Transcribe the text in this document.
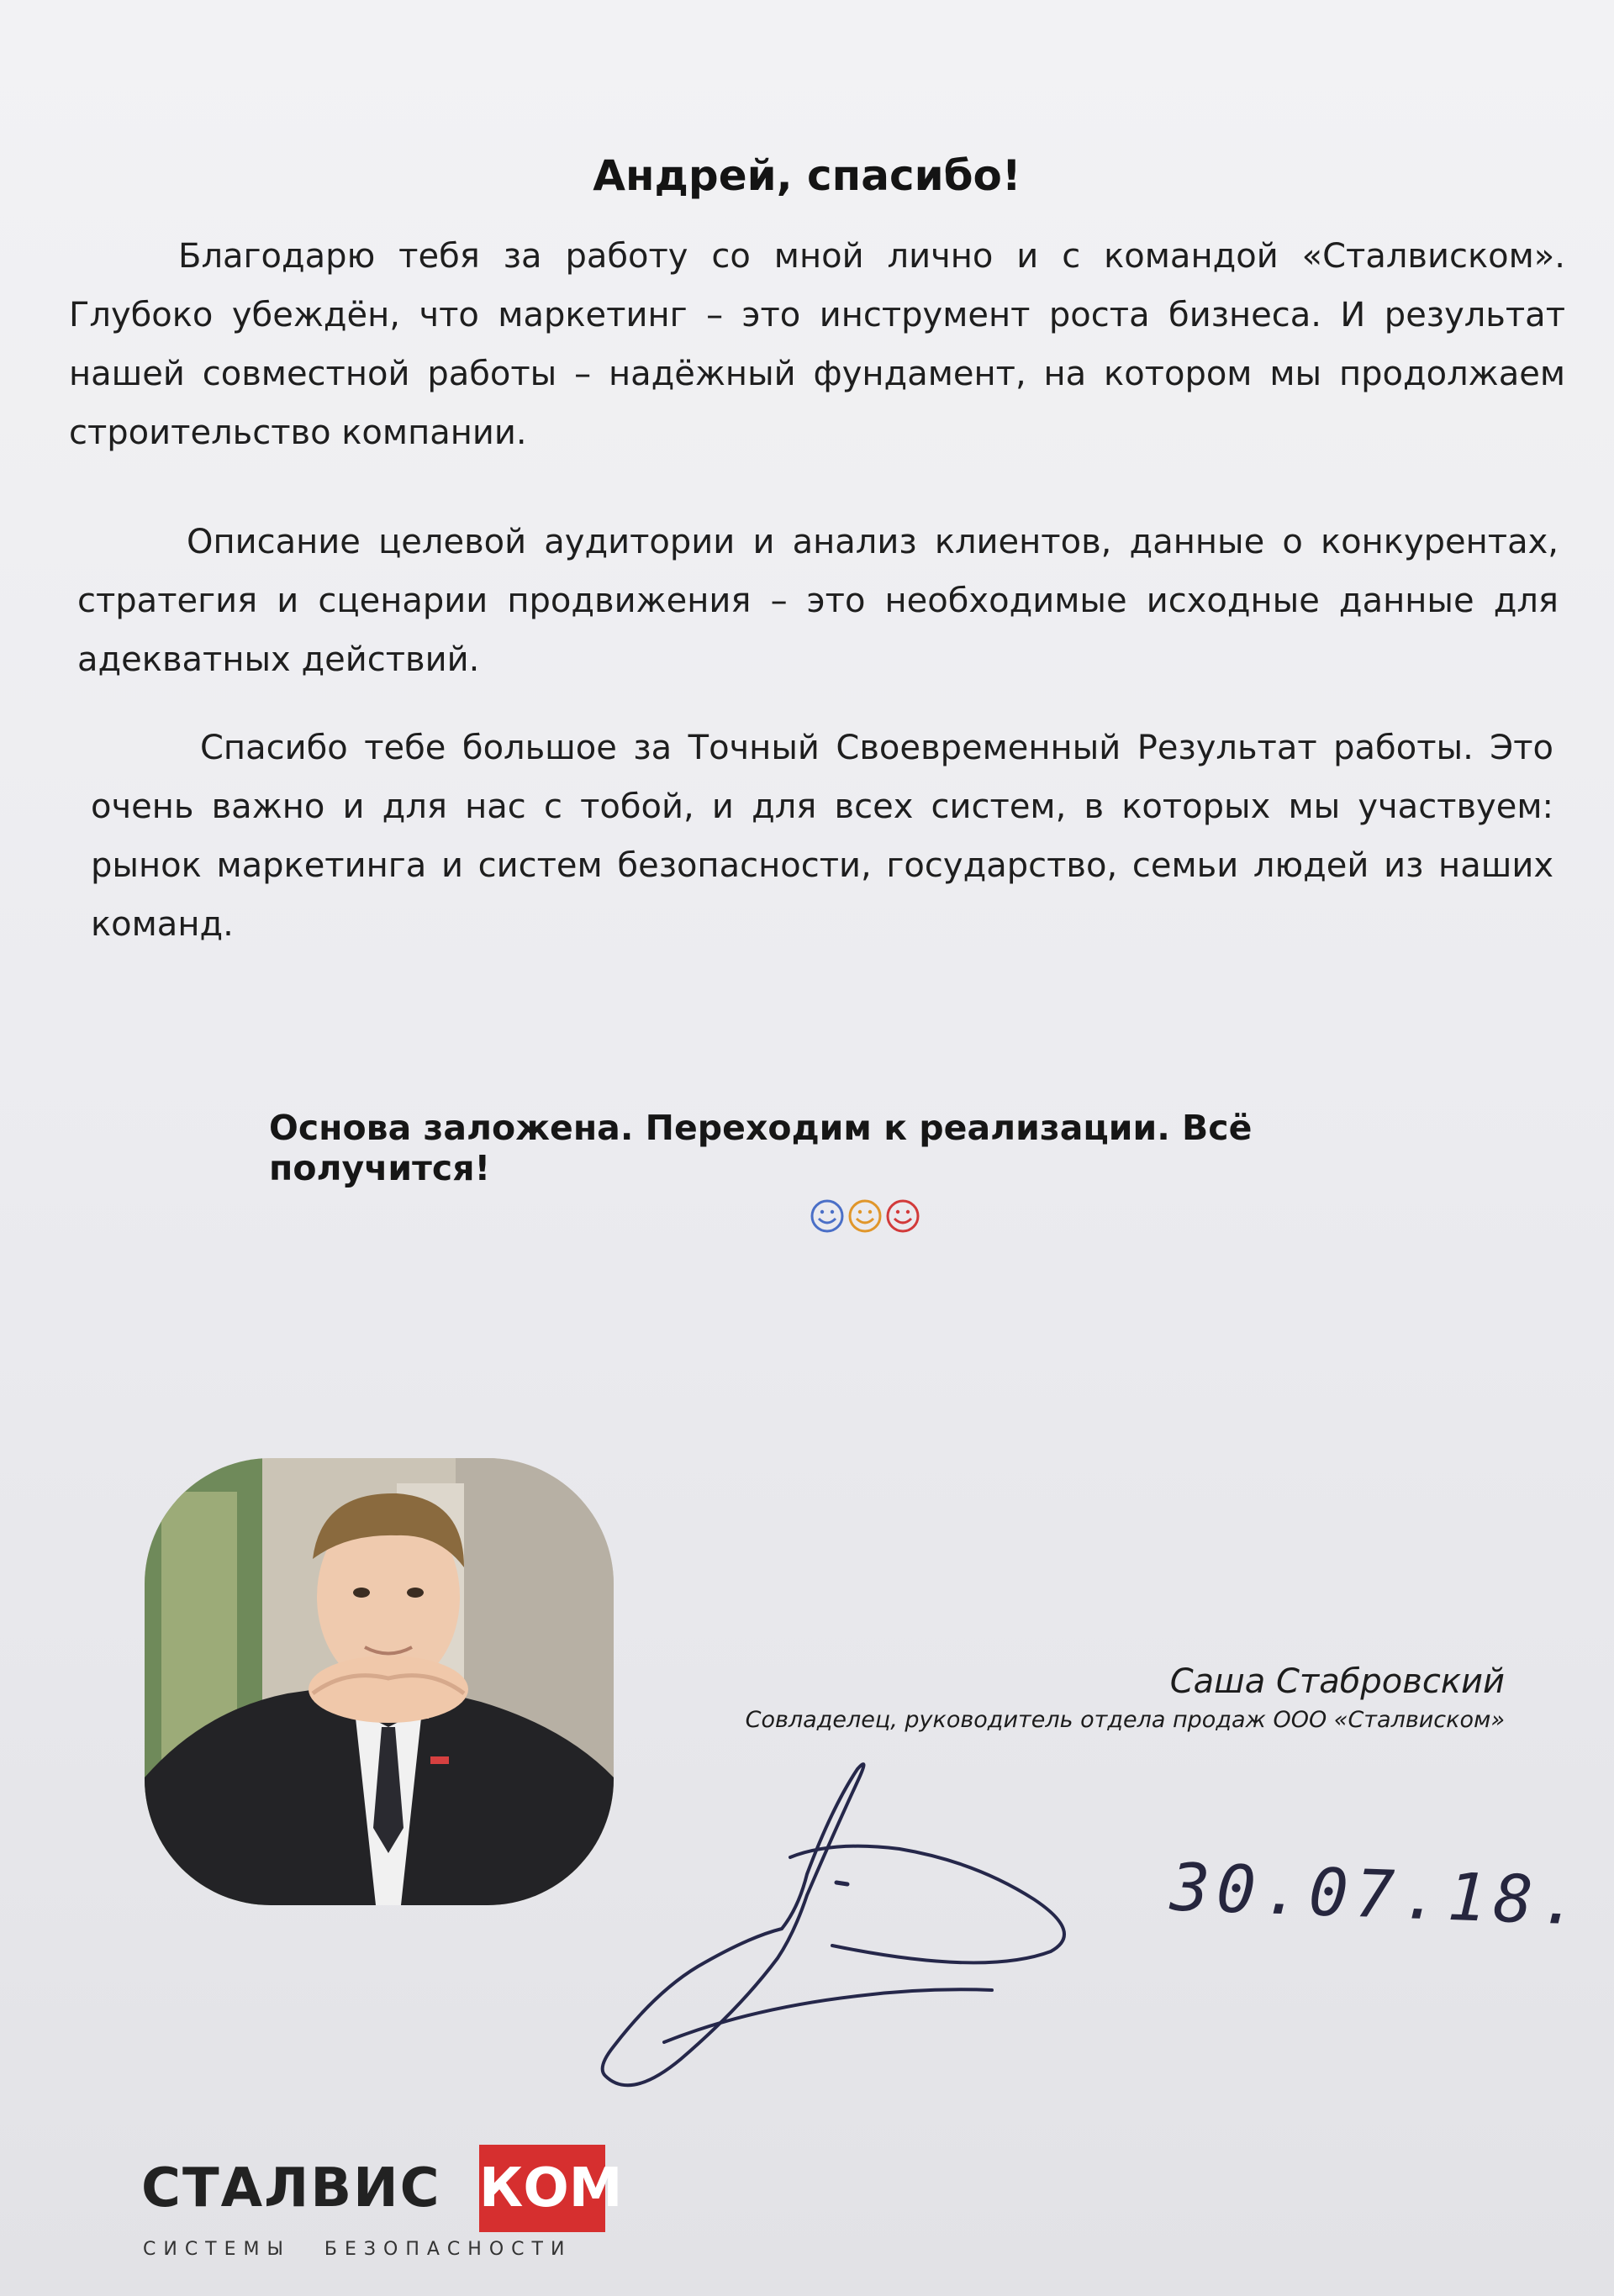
Андрей, спасибо!
Благодарю тебя за работу со мной лично и с командой «Сталвиском». Глубоко убеждён, что маркетинг – это инструмент роста бизнеса. И результат нашей совместной работы – надёжный фундамент, на котором мы продолжаем строительство компании.
Описание целевой аудитории и анализ клиентов, данные о конкурентах, стратегия и сценарии продвижения – это необходимые исходные данные для адекватных действий.
Спасибо тебе большое за Точный Своевременный Результат работы. Это очень важно и для нас с тобой, и для всех систем, в которых мы участвуем: рынок маркетинга и систем безопасности, государство, семьи людей из наших команд.
Основа заложена. Переходим к реализации. Всё получится!
Саша Стабровский
Совладелец, руководитель отдела продаж ООО «Сталвиском»
30.07.18.
СТАЛВИС КОМ
СИСТЕМЫ БЕЗОПАСНОСТИ
